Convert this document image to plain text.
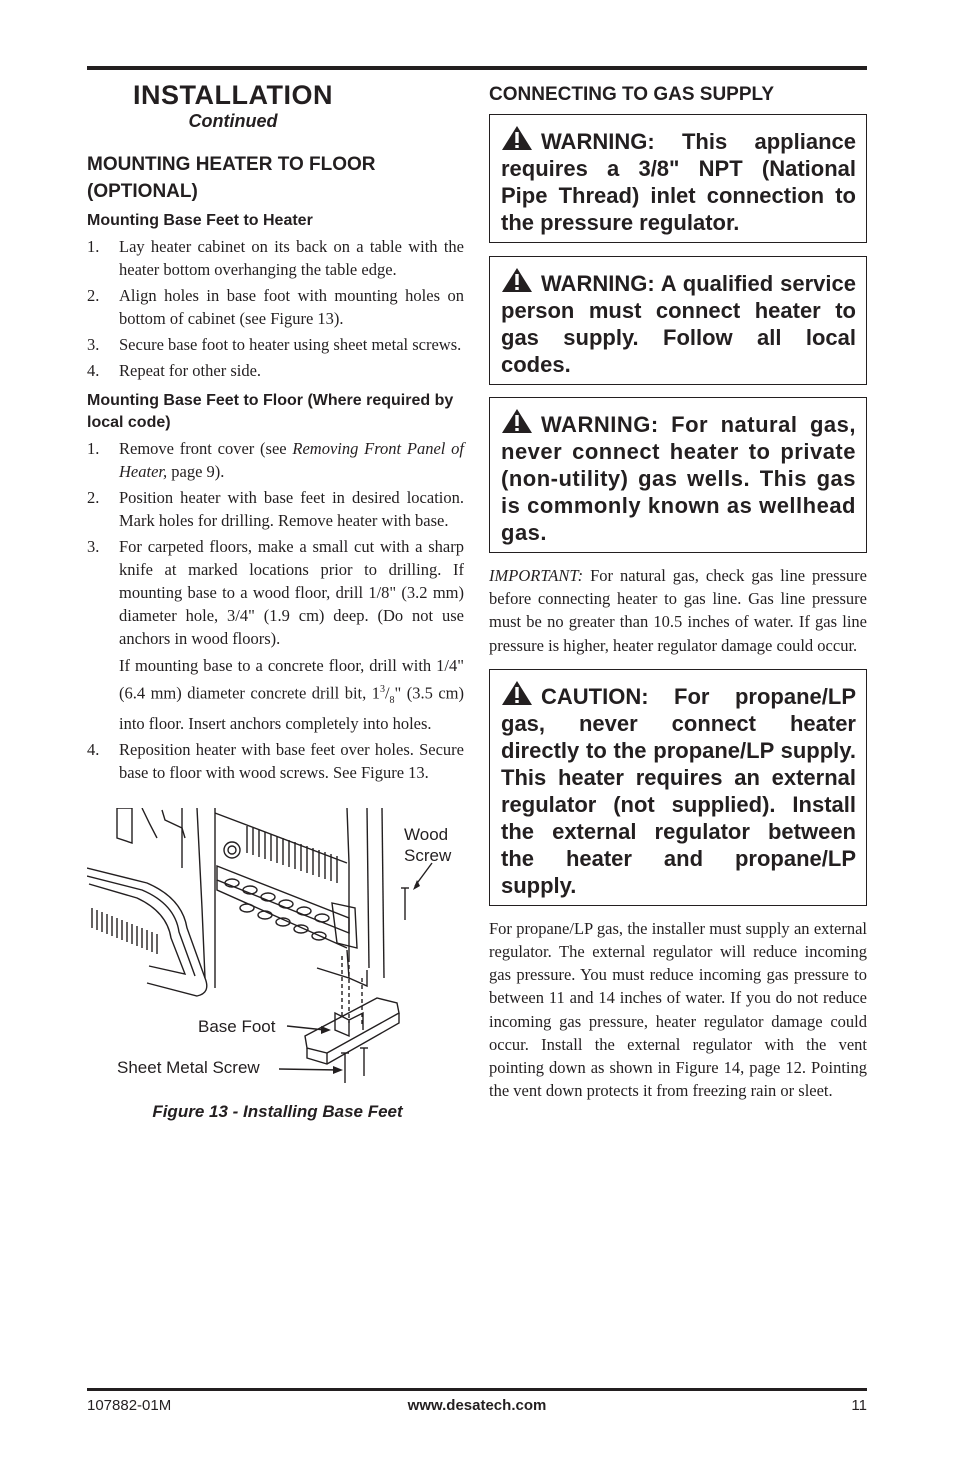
INSTALLATION
Continued
MOUNTING HEATER TO FLOOR (OPTIONAL)
Mounting Base Feet to Heater
1. Lay heater cabinet on its back on a table with the heater bottom overhanging the table edge.
2. Align holes in base foot with mounting holes on bottom of cabinet (see Figure 13).
3. Secure base foot to heater using sheet metal screws.
4. Repeat for other side.
Mounting Base Feet to Floor (Where required by local code)
1. Remove front cover (see Removing Front Panel of Heater, page 9).
2. Position heater with base feet in desired location. Mark holes for drilling. Remove heater with base.
3. For carpeted floors, make a small cut with a sharp knife at marked locations prior to drilling. If mounting base to a wood floor, drill 1/8" (3.2 mm) diameter hole, 3/4" (1.9 cm) deep. (Do not use anchors in wood floors).
If mounting base to a concrete floor, drill with 1/4" (6.4 mm) diameter concrete drill bit, $1^3/_8$" (3.5 cm) into floor. Insert anchors completely into holes.
4. Reposition heater with base feet over holes. Secure base to floor with wood screws. See Figure 13.
Wood
Screw
Base Foot
Sheet Metal Screw
Figure 13 - Installing Base Feet
CONNECTING TO GAS SUPPLY
WARNING: This appliance requires a 3/8" NPT (National Pipe Thread) inlet connection to the pressure regulator.
WARNING: A qualified service person must connect heater to gas supply. Follow all local codes.
WARNING: For natural gas, never connect heater to private (non-utility) gas wells. This gas is commonly known as wellhead gas.
IMPORTANT: For natural gas, check gas line pressure before connecting heater to gas line. Gas line pressure must be no greater than 10.5 inches of water. If gas line pressure is higher, heater regulator damage could occur.
CAUTION: For propane/LP gas, never connect heater directly to the propane/LP supply. This heater requires an external regulator (not supplied). Install the external regulator between the heater and propane/LP supply.
For propane/LP gas, the installer must supply an external regulator. The external regulator will reduce incoming gas pressure. You must reduce incoming gas pressure to between 11 and 14 inches of water. If you do not reduce incoming gas pressure, heater regulator damage could occur. Install the external regulator with the vent pointing down as shown in Figure 14, page 12. Pointing the vent down protects it from freezing rain or sleet.
107882-01M	www.desatech.com	11
